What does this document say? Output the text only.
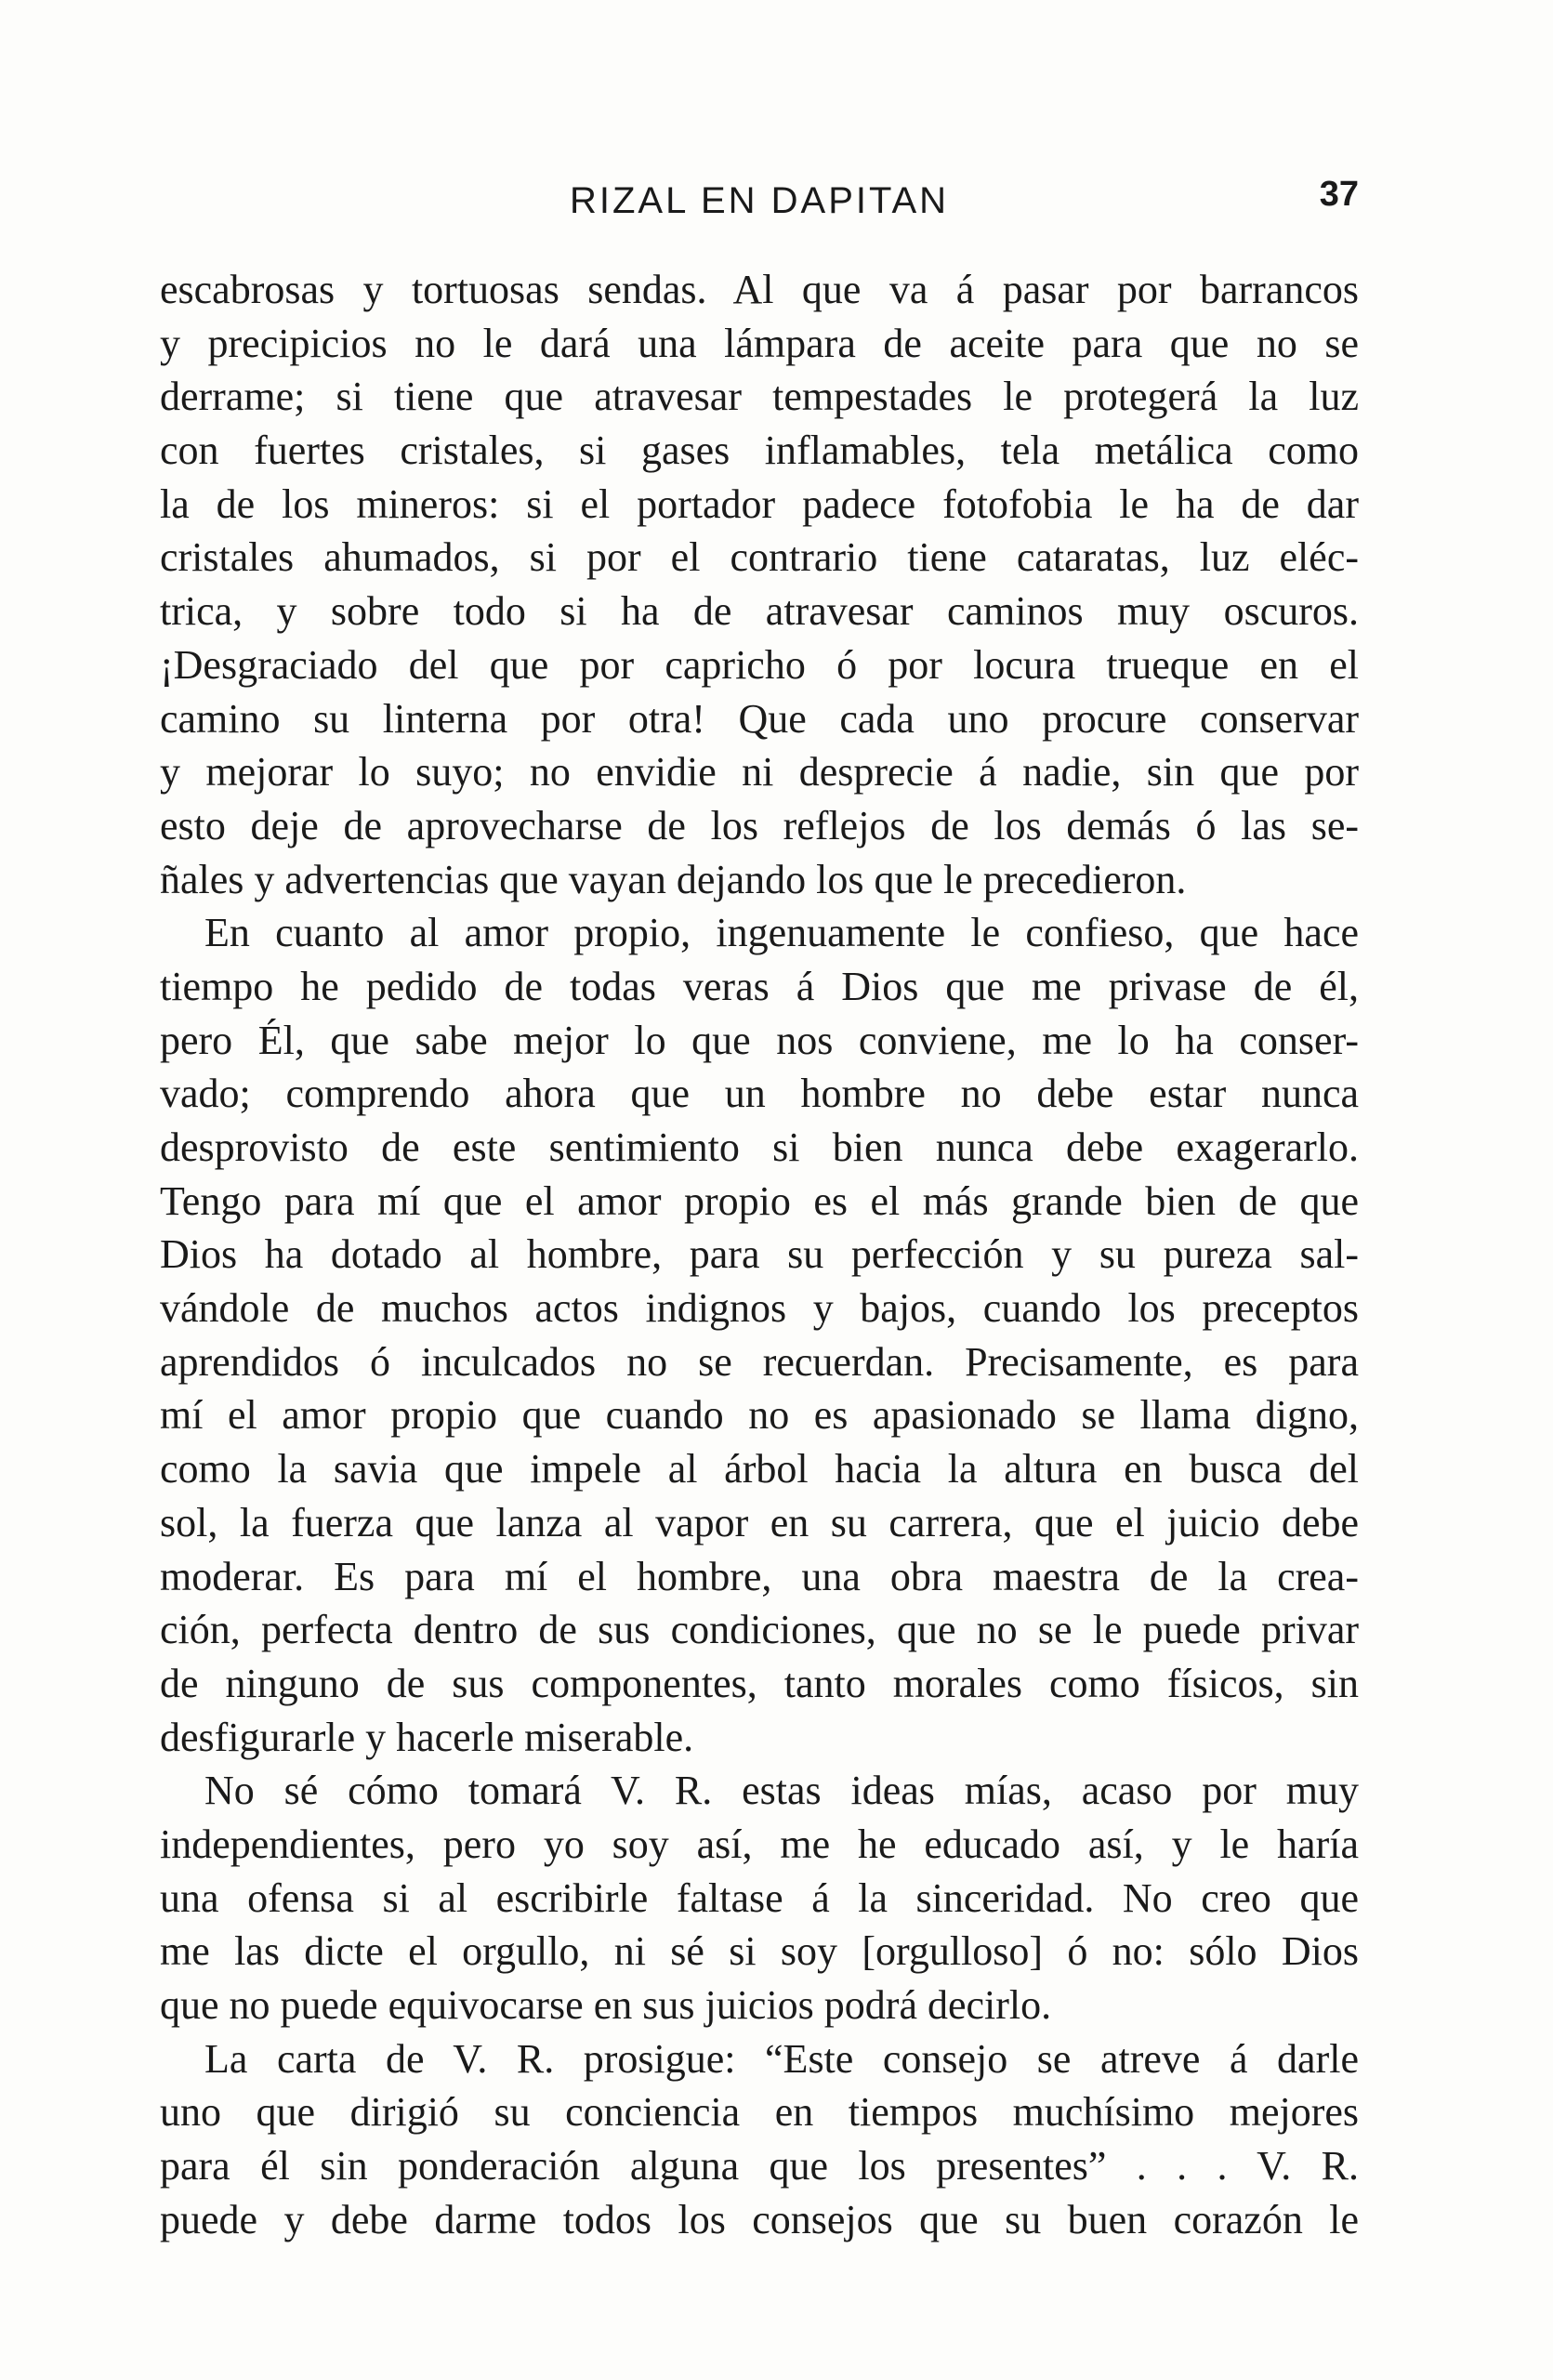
RIZAL EN DAPITAN	37
escabrosas y tortuosas sendas. Al que va á pasar por barrancos
y precipicios no le dará una lámpara de aceite para que no se
derrame; si tiene que atravesar tempestades le protegerá la luz
con fuertes cristales, si gases inflamables, tela metálica como
la de los mineros: si el portador padece fotofobia le ha de dar
cristales ahumados, si por el contrario tiene cataratas, luz eléc-
trica, y sobre todo si ha de atravesar caminos muy oscuros.
¡Desgraciado del que por capricho ó por locura trueque en el
camino su linterna por otra! Que cada uno procure conservar
y mejorar lo suyo; no envidie ni desprecie á nadie, sin que por
esto deje de aprovecharse de los reflejos de los demás ó las se-
ñales y advertencias que vayan dejando los que le precedieron.
En cuanto al amor propio, ingenuamente le confieso, que hace
tiempo he pedido de todas veras á Dios que me privase de él,
pero Él, que sabe mejor lo que nos conviene, me lo ha conser-
vado; comprendo ahora que un hombre no debe estar nunca
desprovisto de este sentimiento si bien nunca debe exagerarlo.
Tengo para mí que el amor propio es el más grande bien de que
Dios ha dotado al hombre, para su perfección y su pureza sal-
vándole de muchos actos indignos y bajos, cuando los preceptos
aprendidos ó inculcados no se recuerdan. Precisamente, es para
mí el amor propio que cuando no es apasionado se llama digno,
como la savia que impele al árbol hacia la altura en busca del
sol, la fuerza que lanza al vapor en su carrera, que el juicio debe
moderar. Es para mí el hombre, una obra maestra de la crea-
ción, perfecta dentro de sus condiciones, que no se le puede privar
de ninguno de sus componentes, tanto morales como físicos, sin
desfigurarle y hacerle miserable.
No sé cómo tomará V. R. estas ideas mías, acaso por muy
independientes, pero yo soy así, me he educado así, y le haría
una ofensa si al escribirle faltase á la sinceridad. No creo que
me las dicte el orgullo, ni sé si soy [orgulloso] ó no: sólo Dios
que no puede equivocarse en sus juicios podrá decirlo.
La carta de V. R. prosigue: “Este consejo se atreve á darle
uno que dirigió su conciencia en tiempos muchísimo mejores
para él sin ponderación alguna que los presentes” . . . V. R.
puede y debe darme todos los consejos que su buen corazón le
